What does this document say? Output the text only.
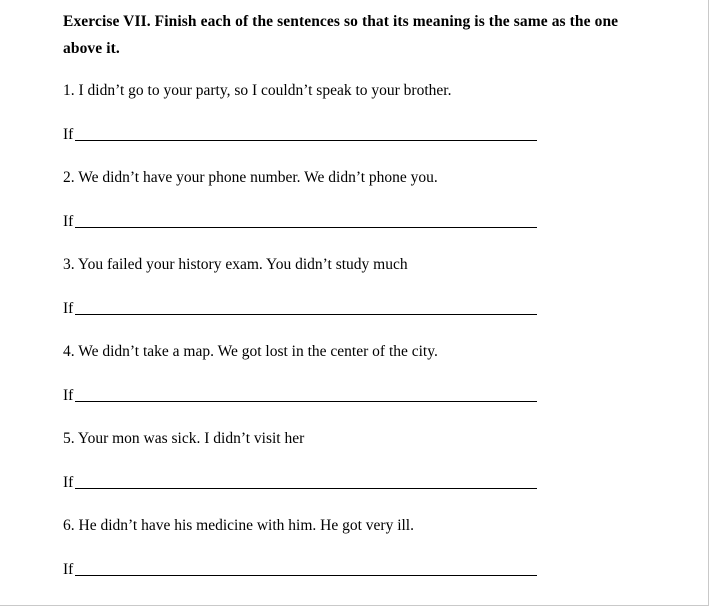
Exercise VII. Finish each of the sentences so that its meaning is the same as the one above it.

1. I didn’t go to your party, so I couldn’t speak to your brother.

If

2. We didn’t have your phone number. We didn’t phone you.

If

3. You failed your history exam. You didn’t study much

If

4. We didn’t take a map. We got lost in the center of the city.

If

5. Your mon was sick. I didn’t visit her

If

6. He didn’t have his medicine with him. He got very ill.

If
